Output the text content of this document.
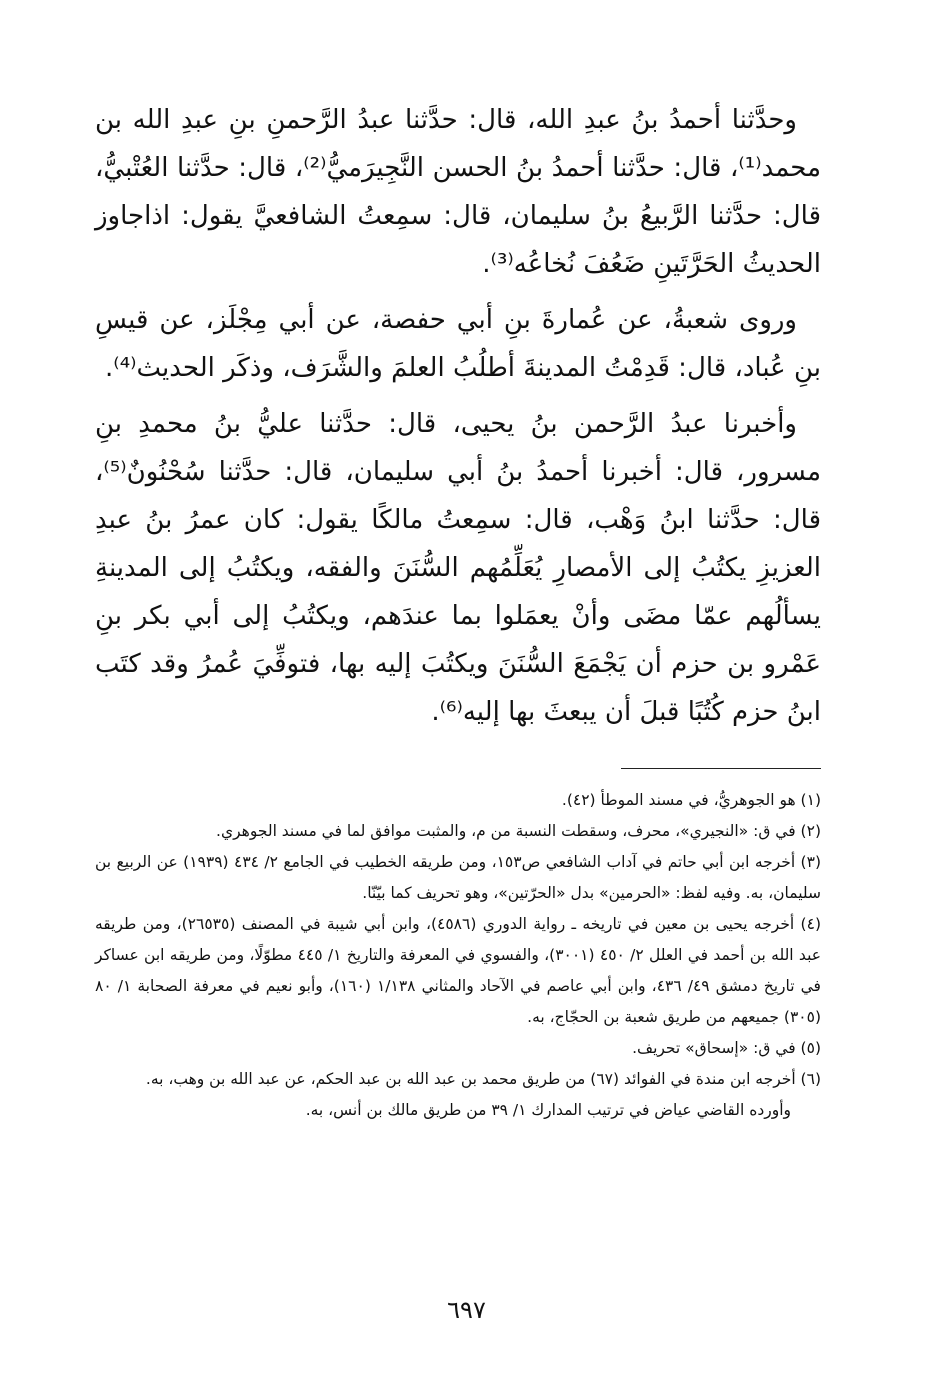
وحدَّثنا أحمدُ بنُ عبدِ الله، قال: حدَّثنا عبدُ الرَّحمنِ بنِ عبدِ الله بن محمد⁽¹⁾، قال: حدَّثنا أحمدُ بنُ الحسن النَّجِيرَميُّ⁽²⁾، قال: حدَّثنا العُتْبيُّ، قال: حدَّثنا الرَّبيعُ بنُ سليمان، قال: سمِعتُ الشافعيَّ يقول: اذاجاوز الحديثُ الحَرَّتَينِ ضَعُفَ نُخاعُه⁽³⁾.

وروى شعبةُ، عن عُمارةَ بنِ أبي حفصة، عن أبي مِجْلَز، عن قيسِ بنِ عُباد، قال: قَدِمْتُ المدينةَ أطلُبُ العلمَ والشَّرَف، وذكَر الحديث⁽⁴⁾.

وأخبرنا عبدُ الرَّحمن بنُ يحيى، قال: حدَّثنا عليُّ بنُ محمدِ بنِ مسرور، قال: أخبرنا أحمدُ بنُ أبي سليمان، قال: حدَّثنا سُحْنُونٌ⁽⁵⁾، قال: حدَّثنا ابنُ وَهْب، قال: سمِعتُ مالكًا يقول: كان عمرُ بنُ عبدِ العزيزِ يكتُبُ إلى الأمصارِ يُعَلِّمُهم السُّنَنَ والفقه، ويكتُبُ إلى المدينةِ يسألُهم عمّا مضَى وأنْ يعمَلوا بما عندَهم، ويكتُبُ إلى أبي بكر بنِ عَمْرو بن حزم أن يَجْمَعَ السُّنَنَ ويكتُبَ إليه بها، فتوفِّيَ عُمرُ وقد كتَب ابنُ حزم كُتُبًا قبلَ أن يبعثَ بها إليه⁽⁶⁾.

(١) هو الجوهريُّ، في مسند الموطأ (٤٢).

(٢) في ق: «النجيري»، محرف، وسقطت النسبة من م، والمثبت موافق لما في مسند الجوهري.

(٣) أخرجه ابن أبي حاتم في آداب الشافعي ص١٥٣، ومن طريقه الخطيب في الجامع ٢/ ٤٣٤ (١٩٣٩) عن الربيع بن سليمان، به. وفيه لفظ: «الحرمين» بدل «الحرّتين»، وهو تحريف كما بيّنّا.

(٤) أخرجه يحيى بن معين في تاريخه ـ رواية الدوري (٤٥٨٦)، وابن أبي شيبة في المصنف (٢٦٥٣٥)، ومن طريقه عبد الله بن أحمد في العلل ٢/ ٤٥٠ (٣٠٠١)، والفسوي في المعرفة والتاريخ ١/ ٤٤٥ مطوّلًا، ومن طريقه ابن عساكر في تاريخ دمشق ٤٩/ ٤٣٦، وابن أبي عاصم في الآحاد والمثاني ١/١٣٨ (١٦٠)، وأبو نعيم في معرفة الصحابة ١/ ٨٠ (٣٠٥) جميعهم من طريق شعبة بن الحجّاج، به.

(٥) في ق: «إسحاق» تحريف.

(٦) أخرجه ابن مندة في الفوائد (٦٧) من طريق محمد بن عبد الله بن عبد الحكم، عن عبد الله بن وهب، به.

وأورده القاضي عياض في ترتيب المدارك ١/ ٣٩ من طريق مالك بن أنس، به.

٦٩٧
